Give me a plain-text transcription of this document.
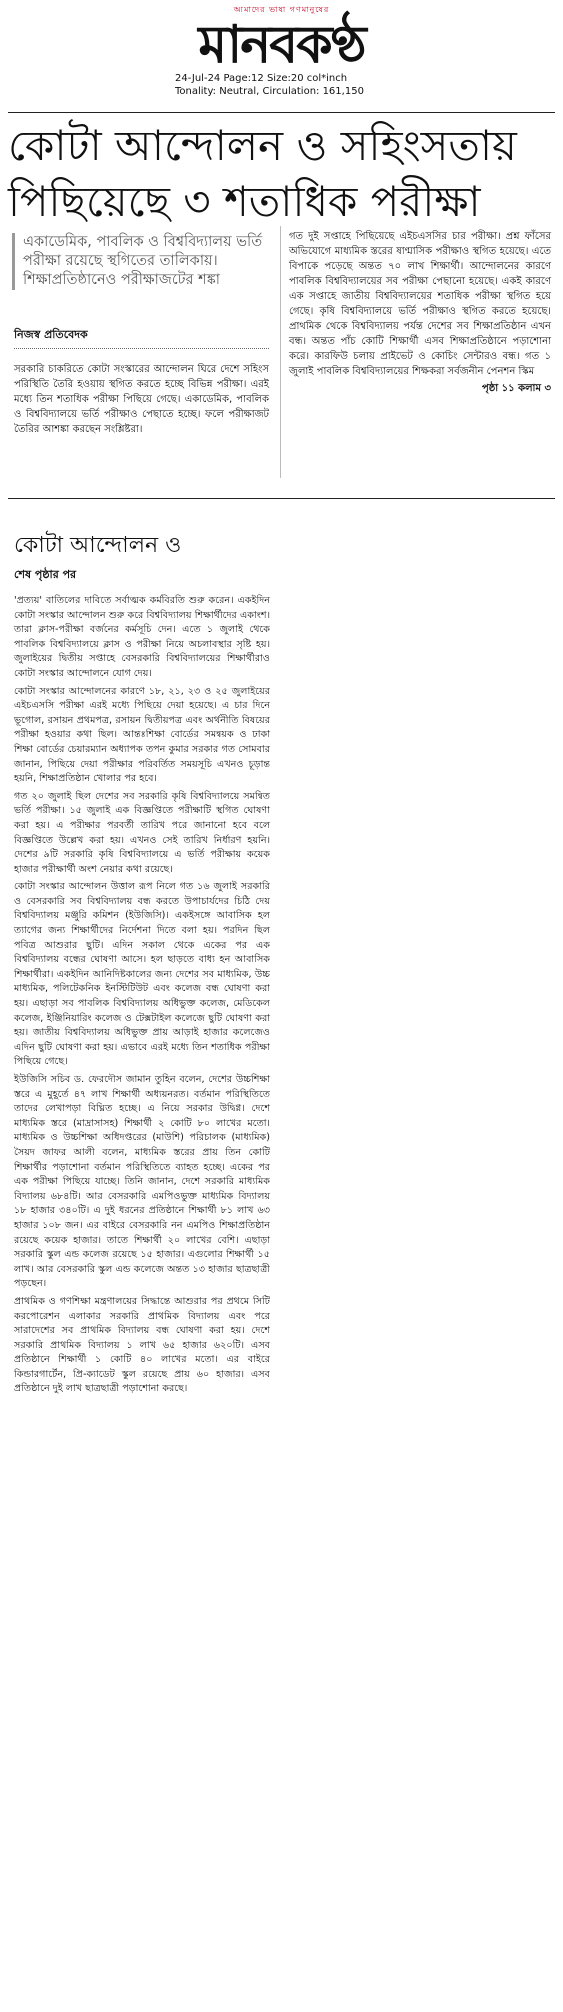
আমাদের ভাষা গণমানুষের
মানবকণ্ঠ
24-Jul-24 Page:12 Size:20 col*inch
Tonality: Neutral, Circulation: 161,150
কোটা আন্দোলন ও সহিংসতায়
পিছিয়েছে ৩ শতাধিক পরীক্ষা
একাডেমিক, পাবলিক ও বিশ্ববিদ্যালয় ভর্তি পরীক্ষা রয়েছে স্থগিতের তালিকায়। শিক্ষাপ্রতিষ্ঠানেও পরীক্ষাজটের শঙ্কা
নিজস্ব প্রতিবেদক

সরকারি চাকরিতে কোটা সংস্কারের আন্দোলন ঘিরে দেশে সহিংস পরিস্থিতি তৈরি হওয়ায় স্থগিত করতে হচ্ছে বিভিন্ন পরীক্ষা। এরই মধ্যে তিন শতাধিক পরীক্ষা পিছিয়ে গেছে। একাডেমিক, পাবলিক ও বিশ্ববিদ্যালয়ে ভর্তি পরীক্ষাও পেছাতে হচ্ছে। ফলে পরীক্ষাজট তৈরির আশঙ্কা করছেন সংশ্লিষ্টরা।

গত দুই সপ্তাহে পিছিয়েছে এইচএসসির চার পরীক্ষা। প্রশ্ন ফাঁসের অভিযোগে মাধ্যমিক স্তরের ষাণ্মাসিক পরীক্ষাও স্থগিত হয়েছে। এতে বিপাকে পড়েছে অন্তত ৭০ লাখ শিক্ষার্থী। আন্দোলনের কারণে পাবলিক বিশ্ববিদ্যালয়ের সব পরীক্ষা পেছানো হয়েছে। একই কারণে এক সপ্তাহে জাতীয় বিশ্ববিদ্যালয়ের শতাধিক পরীক্ষা স্থগিত হয়ে গেছে। কৃষি বিশ্ববিদ্যালয়ে ভর্তি পরীক্ষাও স্থগিত করতে হয়েছে। প্রাথমিক থেকে বিশ্ববিদ্যালয় পর্যন্ত দেশের সব শিক্ষাপ্রতিষ্ঠান এখন বন্ধ। অন্তত পাঁচ কোটি শিক্ষার্থী এসব শিক্ষাপ্রতিষ্ঠানে পড়াশোনা করে। কারফিউ চলায় প্রাইভেট ও কোচিং সেন্টারও বন্ধ। গত ১ জুলাই পাবলিক বিশ্ববিদ্যালয়ের শিক্ষকরা সর্বজনীন পেনশন স্কিম

পৃষ্ঠা ১১ কলাম ৩
কোটা আন্দোলন ও
শেষ পৃষ্ঠার পর

'প্রত্যয়' বাতিলের দাবিতে সর্বাত্মক কর্মবিরতি শুরু করেন। একইদিন কোটা সংস্কার আন্দোলন শুরু করে বিশ্ববিদ্যালয় শিক্ষার্থীদের একাংশ। তারা ক্লাস-পরীক্ষা বর্জনের কর্মসূচি দেন। এতে ১ জুলাই থেকে পাবলিক বিশ্ববিদ্যালয়ে ক্লাস ও পরীক্ষা নিয়ে অচলাবস্থার সৃষ্টি হয়। জুলাইয়ের দ্বিতীয় সপ্তাহে বেসরকারি বিশ্ববিদ্যালয়ের শিক্ষার্থীরাও কোটা সংস্কার আন্দোলনে যোগ দেয়।

কোটা সংস্কার আন্দোলনের কারণে ১৮, ২১, ২৩ ও ২৫ জুলাইয়ের এইচএসসি পরীক্ষা এরই মধ্যে পিছিয়ে দেয়া হয়েছে। এ চার দিনে ভূগোল, রসায়ন প্রথমপত্র, রসায়ন দ্বিতীয়পত্র এবং অর্থনীতি বিষয়ের পরীক্ষা হওয়ার কথা ছিল। আন্তঃশিক্ষা বোর্ডের সমন্বয়ক ও ঢাকা শিক্ষা বোর্ডের চেয়ারম্যান অধ্যাপক তপন কুমার সরকার গত সোমবার জানান, পিছিয়ে দেয়া পরীক্ষার পরিবর্তিত সময়সূচি এখনও চূড়ান্ত হয়নি, শিক্ষাপ্রতিষ্ঠান খোলার পর হবে।

গত ২০ জুলাই ছিল দেশের সব সরকারি কৃষি বিশ্ববিদ্যালয়ে সমন্বিত ভর্তি পরীক্ষা। ১৫ জুলাই এক বিজ্ঞপ্তিতে পরীক্ষাটি স্থগিত ঘোষণা করা হয়। এ পরীক্ষার পরবর্তী তারিখ পরে জানানো হবে বলে বিজ্ঞপ্তিতে উল্লেখ করা হয়। এখনও সেই তারিখ নির্ধারণ হয়নি। দেশের ৯টি সরকারি কৃষি বিশ্ববিদ্যালয়ে এ ভর্তি পরীক্ষায় কয়েক হাজার পরীক্ষার্থী অংশ নেয়ার কথা রয়েছে।

কোটা সংস্কার আন্দোলন উত্তাল রূপ নিলে গত ১৬ জুলাই সরকারি ও বেসরকারি সব বিশ্ববিদ্যালয় বন্ধ করতে উপাচার্যদের চিঠি দেয় বিশ্ববিদ্যালয় মঞ্জুরি কমিশন (ইউজিসি)। একইসঙ্গে আবাসিক হল ত্যাগের জন্য শিক্ষার্থীদের নির্দেশনা দিতে বলা হয়। পরদিন ছিল পবিত্র আশুরার ছুটি। এদিন সকাল থেকে একের পর এক বিশ্ববিদ্যালয় বন্ধের ঘোষণা আসে। হল ছাড়তে বাধ্য হন আবাসিক শিক্ষার্থীরা। একইদিন আনিদিষ্টকালের জন্য দেশের সব মাধ্যমিক, উচ্চ মাধ্যমিক, পলিটেকনিক ইনস্টিটিউট এবং কলেজ বন্ধ ঘোষণা করা হয়। এছাড়া সব পাবলিক বিশ্ববিদ্যালয় অধিভুক্ত কলেজ, মেডিকেল কলেজ, ইঞ্জিনিয়ারিং কলেজ ও টেক্সটাইল কলেজে ছুটি ঘোষণা করা হয়। জাতীয় বিশ্ববিদ্যালয় অধিভুক্ত প্রায় আড়াই হাজার কলেজেও এদিন ছুটি ঘোষণা করা হয়। এভাবে এরই মধ্যে তিন শতাধিক পরীক্ষা পিছিয়ে গেছে।

ইউজিসি সচিব ড. ফেরদৌস জামান তুহিন বলেন, দেশের উচ্চশিক্ষা স্তরে এ মুহূর্তে ৪৭ লাখ শিক্ষার্থী অধ্যয়নরত। বর্তমান পরিস্থিতিতে তাদের লেখাপড়া বিঘ্নিত হচ্ছে। এ নিয়ে সরকার উদ্বিগ্ন। দেশে মাধ্যমিক স্তরে (মাদ্রাসাসহ) শিক্ষার্থী ২ কোটি ৮০ লাখের মতো। মাধ্যমিক ও উচ্চশিক্ষা অধিদপ্তরের (মাউশি) পরিচালক (মাধ্যমিক) সৈয়দ জাফর আলী বলেন, মাধ্যমিক স্তরের প্রায় তিন কোটি শিক্ষার্থীর পড়াশোনা বর্তমান পরিস্থিতিতে ব্যাহত হচ্ছে। একের পর এক পরীক্ষা পিছিয়ে যাচ্ছে। তিনি জানান, দেশে সরকারি মাধ্যমিক বিদ্যালয় ৬৮৪টি। আর বেসরকারি এমপিওভুক্ত মাধ্যমিক বিদ্যালয় ১৮ হাজার ৩৪০টি। এ দুই ধরনের প্রতিষ্ঠানে শিক্ষার্থী ৮১ লাখ ৬৩ হাজার ১০৮ জন। এর বাইরে বেসরকারি নন এমপিও শিক্ষাপ্রতিষ্ঠান রয়েছে কয়েক হাজার। তাতে শিক্ষার্থী ২০ লাখের বেশি। এছাড়া সরকারি স্কুল এন্ড কলেজ রয়েছে ১৫ হাজার। এগুলোর শিক্ষার্থী ১৫ লাখ। আর বেসরকারি স্কুল এন্ড কলেজে অন্তত ১৩ হাজার ছাত্রছাত্রী পড়ছেন।

প্রাথমিক ও গণশিক্ষা মন্ত্রণালয়ের সিদ্ধান্তে আশুরার পর প্রথমে সিটি করপোরেশন এলাকার সরকারি প্রাথমিক বিদ্যালয় এবং পরে সারাদেশের সব প্রাথমিক বিদ্যালয় বন্ধ ঘোষণা করা হয়। দেশে সরকারি প্রাথমিক বিদ্যালয় ১ লাখ ৬৫ হাজার ৬২০টি। এসব প্রতিষ্ঠানে শিক্ষার্থী ১ কোটি ৪০ লাখের মতো। এর বাইরে কিন্ডারগার্টেন, প্রি-ক্যাডেট স্কুল রয়েছে প্রায় ৬০ হাজার। এসব প্রতিষ্ঠানে দুই লাখ ছাত্রছাত্রী পড়াশোনা করছে।
